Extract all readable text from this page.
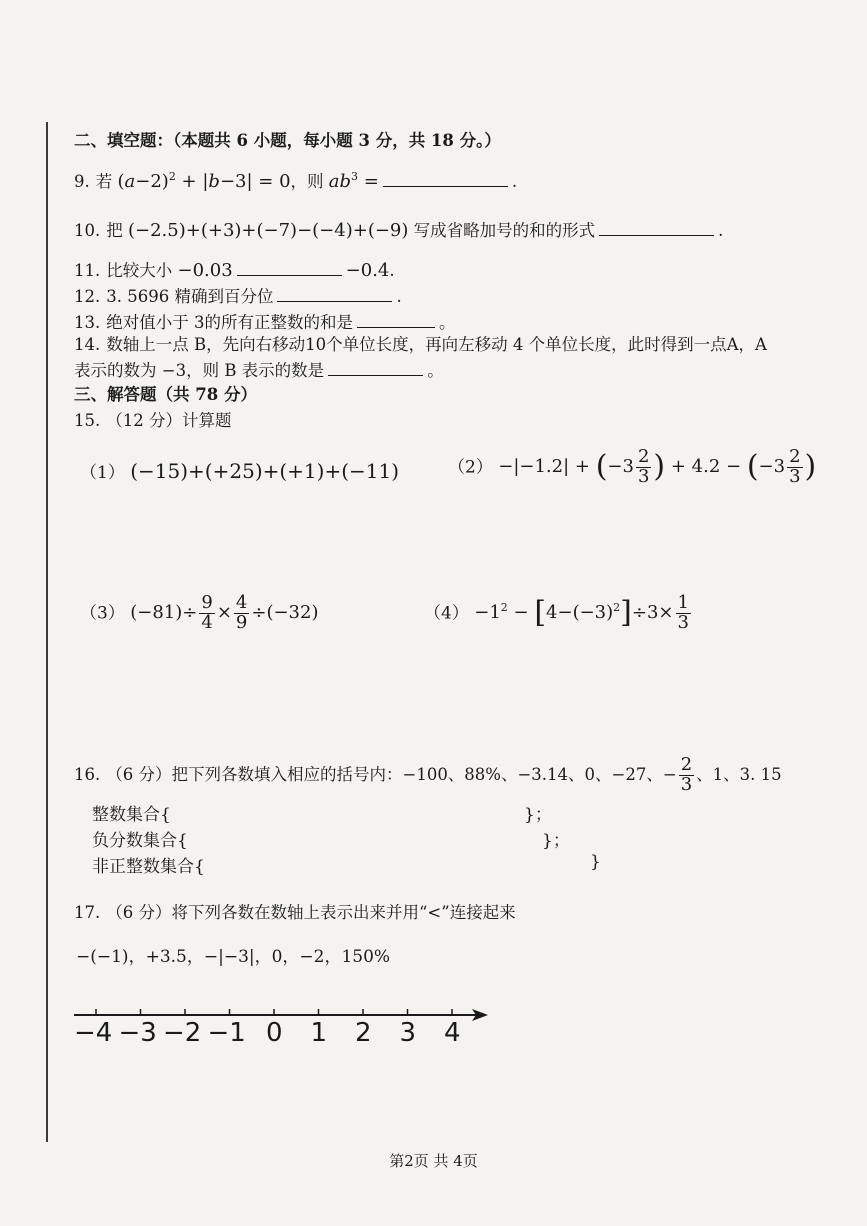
二、填空题：（本题共 6 小题，每小题 3 分，共 18 分。）
9. 若 $(a-2)^2 + |b-3| = 0$，则 $ab^3$ =	.
10. 把 (−2.5)+(+3)+(−7)−(−4)+(−9) 写成省略加号的和的形式	.
11. 比较大小 −0.03	−0.4.
12. 3. 5696 精确到百分位	.
13. 绝对值小于 3的所有正整数的和是	。
14. 数轴上一点 B，先向右移动10个单位长度，再向左移动 4 个单位长度，此时得到一点A，A
表示的数为 −3，则 B 表示的数是	。
三、解答题（共 78 分）
15. （12 分）计算题
（1） (−15)+(+25)+(+1)+(−11)	$(2) -|-1.2| + (-3 \frac{2}{3}$ ) + $4.2 - (-3 \frac{2}{3}$ )
（3） $(-81)\div \frac{9}{4} \times \frac{4}{9} \div(-32)$	$(4) -1^2 - [4-(-3)^2]\div 3\times \frac{1}{3}$
16. （6 分）把下列各数填入相应的括号内：−100、88%、−3.14、0、−27、− $\frac{2}{3}$ 、1、3. 15
整数集合{	}；
负分数集合{	}；
非正整数集合{	}
17. （6 分）将下列各数在数轴上表示出来并用“<”连接起来
−(−1)，+3.5，−|−3|，0，−2，150%
−4 −3 −2 −1 0 1 2 3 4
第2页 共 4页
